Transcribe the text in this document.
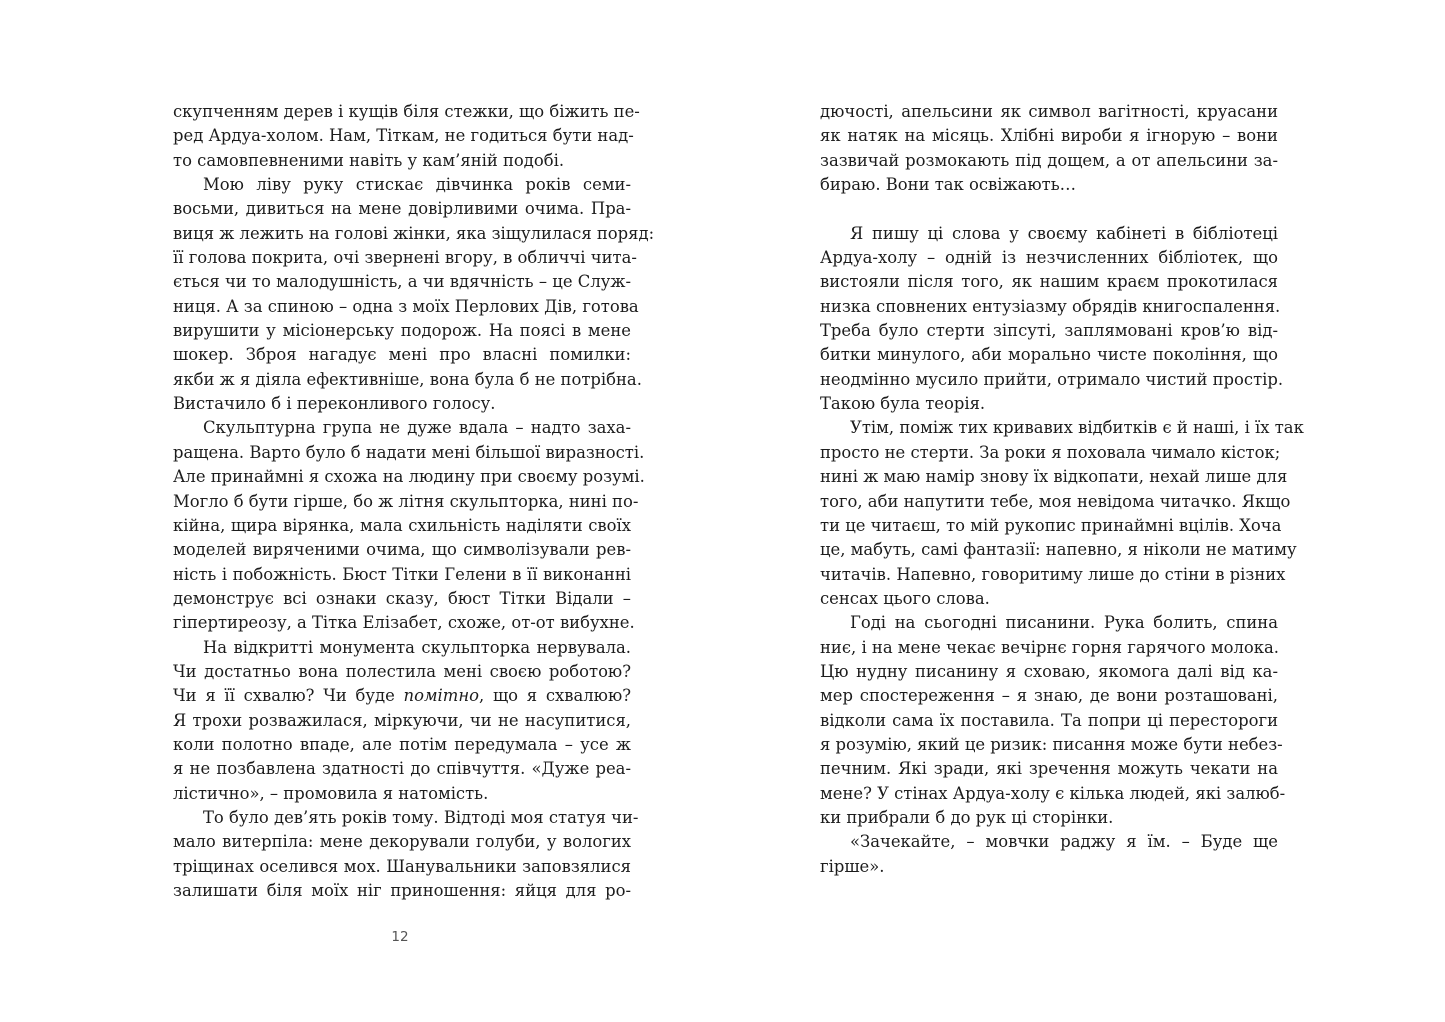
скупченням дерев і кущів біля стежки, що біжить пе-
ред Ардуа-холом. Нам, Тіткам, не годиться бути над-
то самовпевненими навіть у кам’яній подобі.
Мою ліву руку стискає дівчинка років семи-
восьми, дивиться на мене довірливими очима. Пра-
виця ж лежить на голові жінки, яка зіщулилася поряд:
її голова покрита, очі звернені вгору, в обличчі чита-
ється чи то малодушність, а чи вдячність – це Служ-
ниця. А за спиною – одна з моїх Перлових Дів, готова
вирушити у місіонерську подорож. На поясі в мене
шокер. Зброя нагадує мені про власні помилки:
якби ж я діяла ефективніше, вона була б не потрібна.
Вистачило б і переконливого голосу.
Скульптурна група не дуже вдала – надто заха-
ращена. Варто було б надати мені більшої виразності.
Але принаймні я схожа на людину при своєму розумі.
Могло б бути гірше, бо ж літня скульпторка, нині по-
кійна, щира вірянка, мала схильність наділяти своїх
моделей виряченими очима, що символізували рев-
ність і побожність. Бюст Тітки Гелени в її виконанні
демонструє всі ознаки сказу, бюст Тітки Відали –
гіпертиреозу, а Тітка Елізабет, схоже, от-от вибухне.
На відкритті монумента скульпторка нервувала.
Чи достатньо вона полестила мені своєю роботою?
Чи я її схвалю? Чи буде помітно, що я схвалюю?
Я трохи розважилася, міркуючи, чи не насупитися,
коли полотно впаде, але потім передумала – усе ж
я не позбавлена здатності до співчуття. «Дуже реа-
лістично», – промовила я натомість.
То було дев’ять років тому. Відтоді моя статуя чи-
мало витерпіла: мене декорували голуби, у вологих
тріщинах оселився мох. Шанувальники заповзялися
залишати біля моїх ніг приношення: яйця для ро-
12
дючості, апельсини як символ вагітності, круасани
як натяк на місяць. Хлібні вироби я ігнорую – вони
зазвичай розмокають під дощем, а от апельсини за-
бираю. Вони так освіжають…
Я пишу ці слова у своєму кабінеті в бібліотеці
Ардуа-холу – одній із незчисленних бібліотек, що
вистояли після того, як нашим краєм прокотилася
низка сповнених ентузіазму обрядів книгоспалення.
Треба було стерти зіпсуті, заплямовані кров’ю від-
битки минулого, аби морально чисте покоління, що
неодмінно мусило прийти, отримало чистий простір.
Такою була теорія.
Утім, поміж тих кривавих відбитків є й наші, і їх так
просто не стерти. За роки я поховала чимало кісток;
нині ж маю намір знову їх відкопати, нехай лише для
того, аби напутити тебе, моя невідома читачко. Якщо
ти це читаєш, то мій рукопис принаймні вцілів. Хоча
це, мабуть, самі фантазії: напевно, я ніколи не матиму
читачів. Напевно, говоритиму лише до стіни в різних
сенсах цього слова.
Годі на сьогодні писанини. Рука болить, спина
ниє, і на мене чекає вечірнє горня гарячого молока.
Цю нудну писанину я сховаю, якомога далі від ка-
мер спостереження – я знаю, де вони розташовані,
відколи сама їх поставила. Та попри ці перестороги
я розумію, який це ризик: писання може бути небез-
печним. Які зради, які зречення можуть чекати на
мене? У стінах Ардуа-холу є кілька людей, які залюб-
ки прибрали б до рук ці сторінки.
«Зачекайте, – мовчки раджу я їм. – Буде ще
гірше».
